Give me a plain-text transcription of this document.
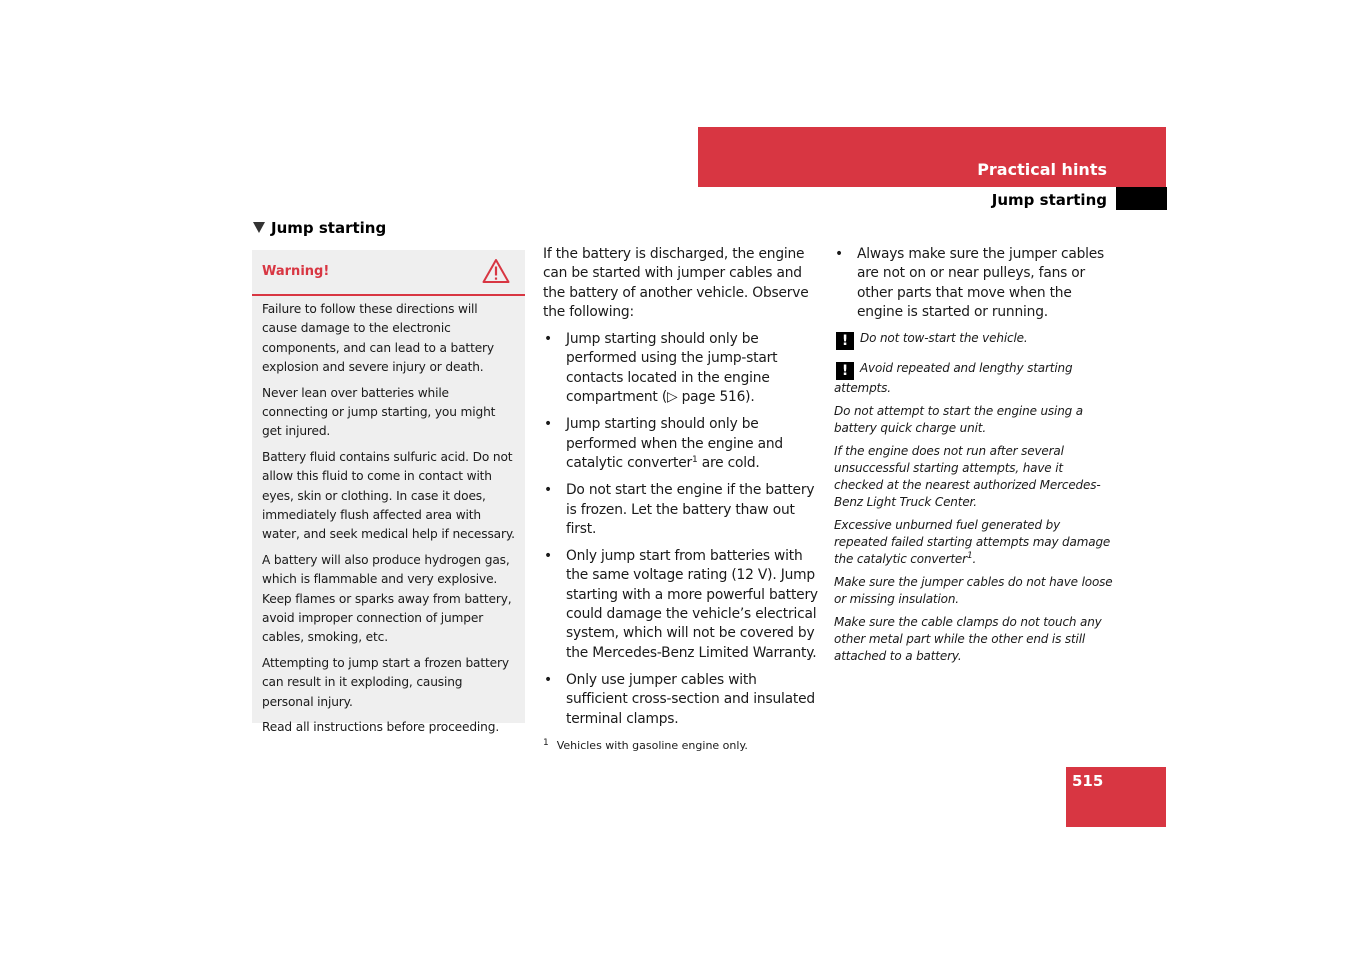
Practical hints
Jump starting
Jump starting
Warning!

Failure to follow these directions will cause damage to the electronic components, and can lead to a battery explosion and severe injury or death.

Never lean over batteries while connecting or jump starting, you might get injured.

Battery fluid contains sulfuric acid. Do not allow this fluid to come in contact with eyes, skin or clothing. In case it does, immediately flush affected area with water, and seek medical help if necessary.

A battery will also produce hydrogen gas, which is flammable and very explosive. Keep flames or sparks away from battery, avoid improper connection of jumper cables, smoking, etc.

Attempting to jump start a frozen battery can result in it exploding, causing personal injury.

Read all instructions before proceeding.

If the battery is discharged, the engine can be started with jumper cables and the battery of another vehicle. Observe the following:

• Jump starting should only be performed using the jump-start contacts located in the engine compartment (▷ page 516).
• Jump starting should only be performed when the engine and catalytic converter$^1$ are cold.
• Do not start the engine if the battery is frozen. Let the battery thaw out first.
• Only jump start from batteries with the same voltage rating (12 V). Jump starting with a more powerful battery could damage the vehicle’s electrical system, which will not be covered by the Mercedes-Benz Limited Warranty.
• Only use jumper cables with sufficient cross-section and insulated terminal clamps.
• Always make sure the jumper cables are not on or near pulleys, fans or other parts that move when the engine is started or running.

! Do not tow-start the vehicle.

! Avoid repeated and lengthy starting attempts.

Do not attempt to start the engine using a battery quick charge unit.

If the engine does not run after several unsuccessful starting attempts, have it checked at the nearest authorized Mercedes-Benz Light Truck Center.

Excessive unburned fuel generated by repeated failed starting attempts may damage the catalytic converter$^1$.

Make sure the jumper cables do not have loose or missing insulation.

Make sure the cable clamps do not touch any other metal part while the other end is still attached to a battery.

$^1$ Vehicles with gasoline engine only.
515
